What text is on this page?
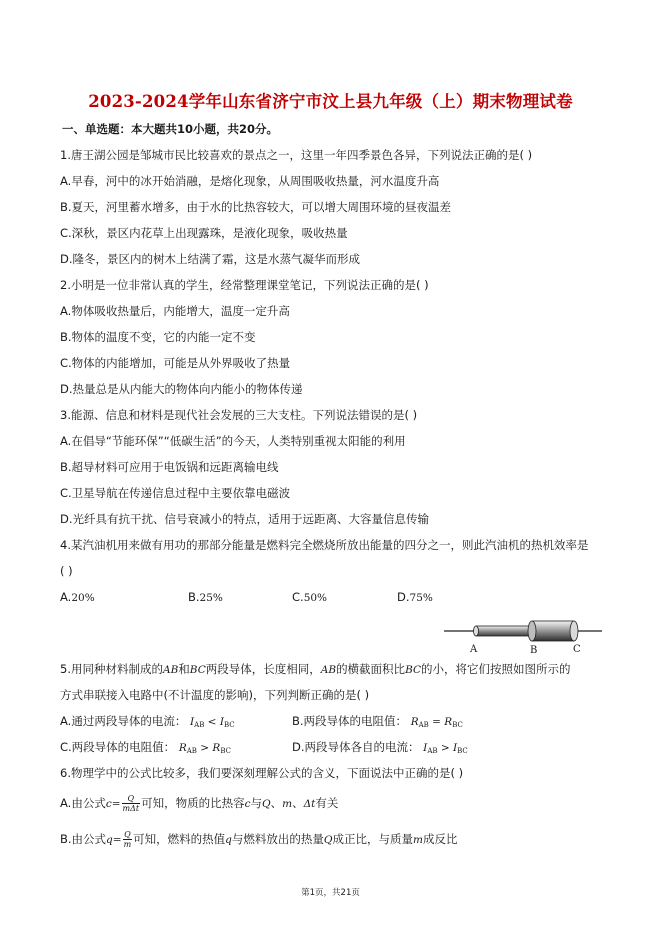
2023-2024学年山东省济宁市汶上县九年级（上）期末物理试卷
一、单选题：本大题共10小题，共20分。
1.唐王湖公园是邹城市民比较喜欢的景点之一，这里一年四季景色各异，下列说法正确的是( )
A.早春，河中的冰开始消融，是熔化现象，从周围吸收热量，河水温度升高
B.夏天，河里蓄水增多，由于水的比热容较大，可以增大周围环境的昼夜温差
C.深秋，景区内花草上出现露珠，是液化现象，吸收热量
D.隆冬，景区内的树木上结满了霜，这是水蒸气凝华而形成
2.小明是一位非常认真的学生，经常整理课堂笔记，下列说法正确的是( )
A.物体吸收热量后，内能增大，温度一定升高
B.物体的温度不变，它的内能一定不变
C.物体的内能增加，可能是从外界吸收了热量
D.热量总是从内能大的物体向内能小的物体传递
3.能源、信息和材料是现代社会发展的三大支柱。下列说法错误的是( )
A.在倡导“节能环保”“低碳生活”的今天，人类特别重视太阳能的利用
B.超导材料可应用于电饭锅和远距离输电线
C.卫星导航在传递信息过程中主要依靠电磁波
D.光纤具有抗干扰、信号衰减小的特点，适用于远距离、大容量信息传输
4.某汽油机用来做有用功的那部分能量是燃料完全燃烧所放出能量的四分之一，则此汽油机的热机效率是
( )
A.20%	B.25%	C.50%	D.75%
A	B	C
5.用同种材料制成的AB和BC两段导体，长度相同，AB的横截面积比BC的小，将它们按照如图所示的
方式串联接入电路中(不计温度的影响)，下列判断正确的是( )
A.通过两段导体的电流： $I_{AB} < I_{BC}$	B.两段导体的电阻值： $R_{AB} = R_{BC}$
C.两段导体的电阻值： $R_{AB} > R_{BC}$	D.两段导体各自的电流： $I_{AB} > I_{BC}$
6.物理学中的公式比较多，我们要深刻理解公式的含义，下面说法中正确的是( )
A.由公式$c= \frac{Q}{\text{mΔt}}$ 可知，物质的比热容c与Q、m、Δt有关
B.由公式$q= \frac{Q}{m}$ 可知，燃料的热值q与燃料放出的热量Q成正比，与质量m成反比
第1页，共21页
